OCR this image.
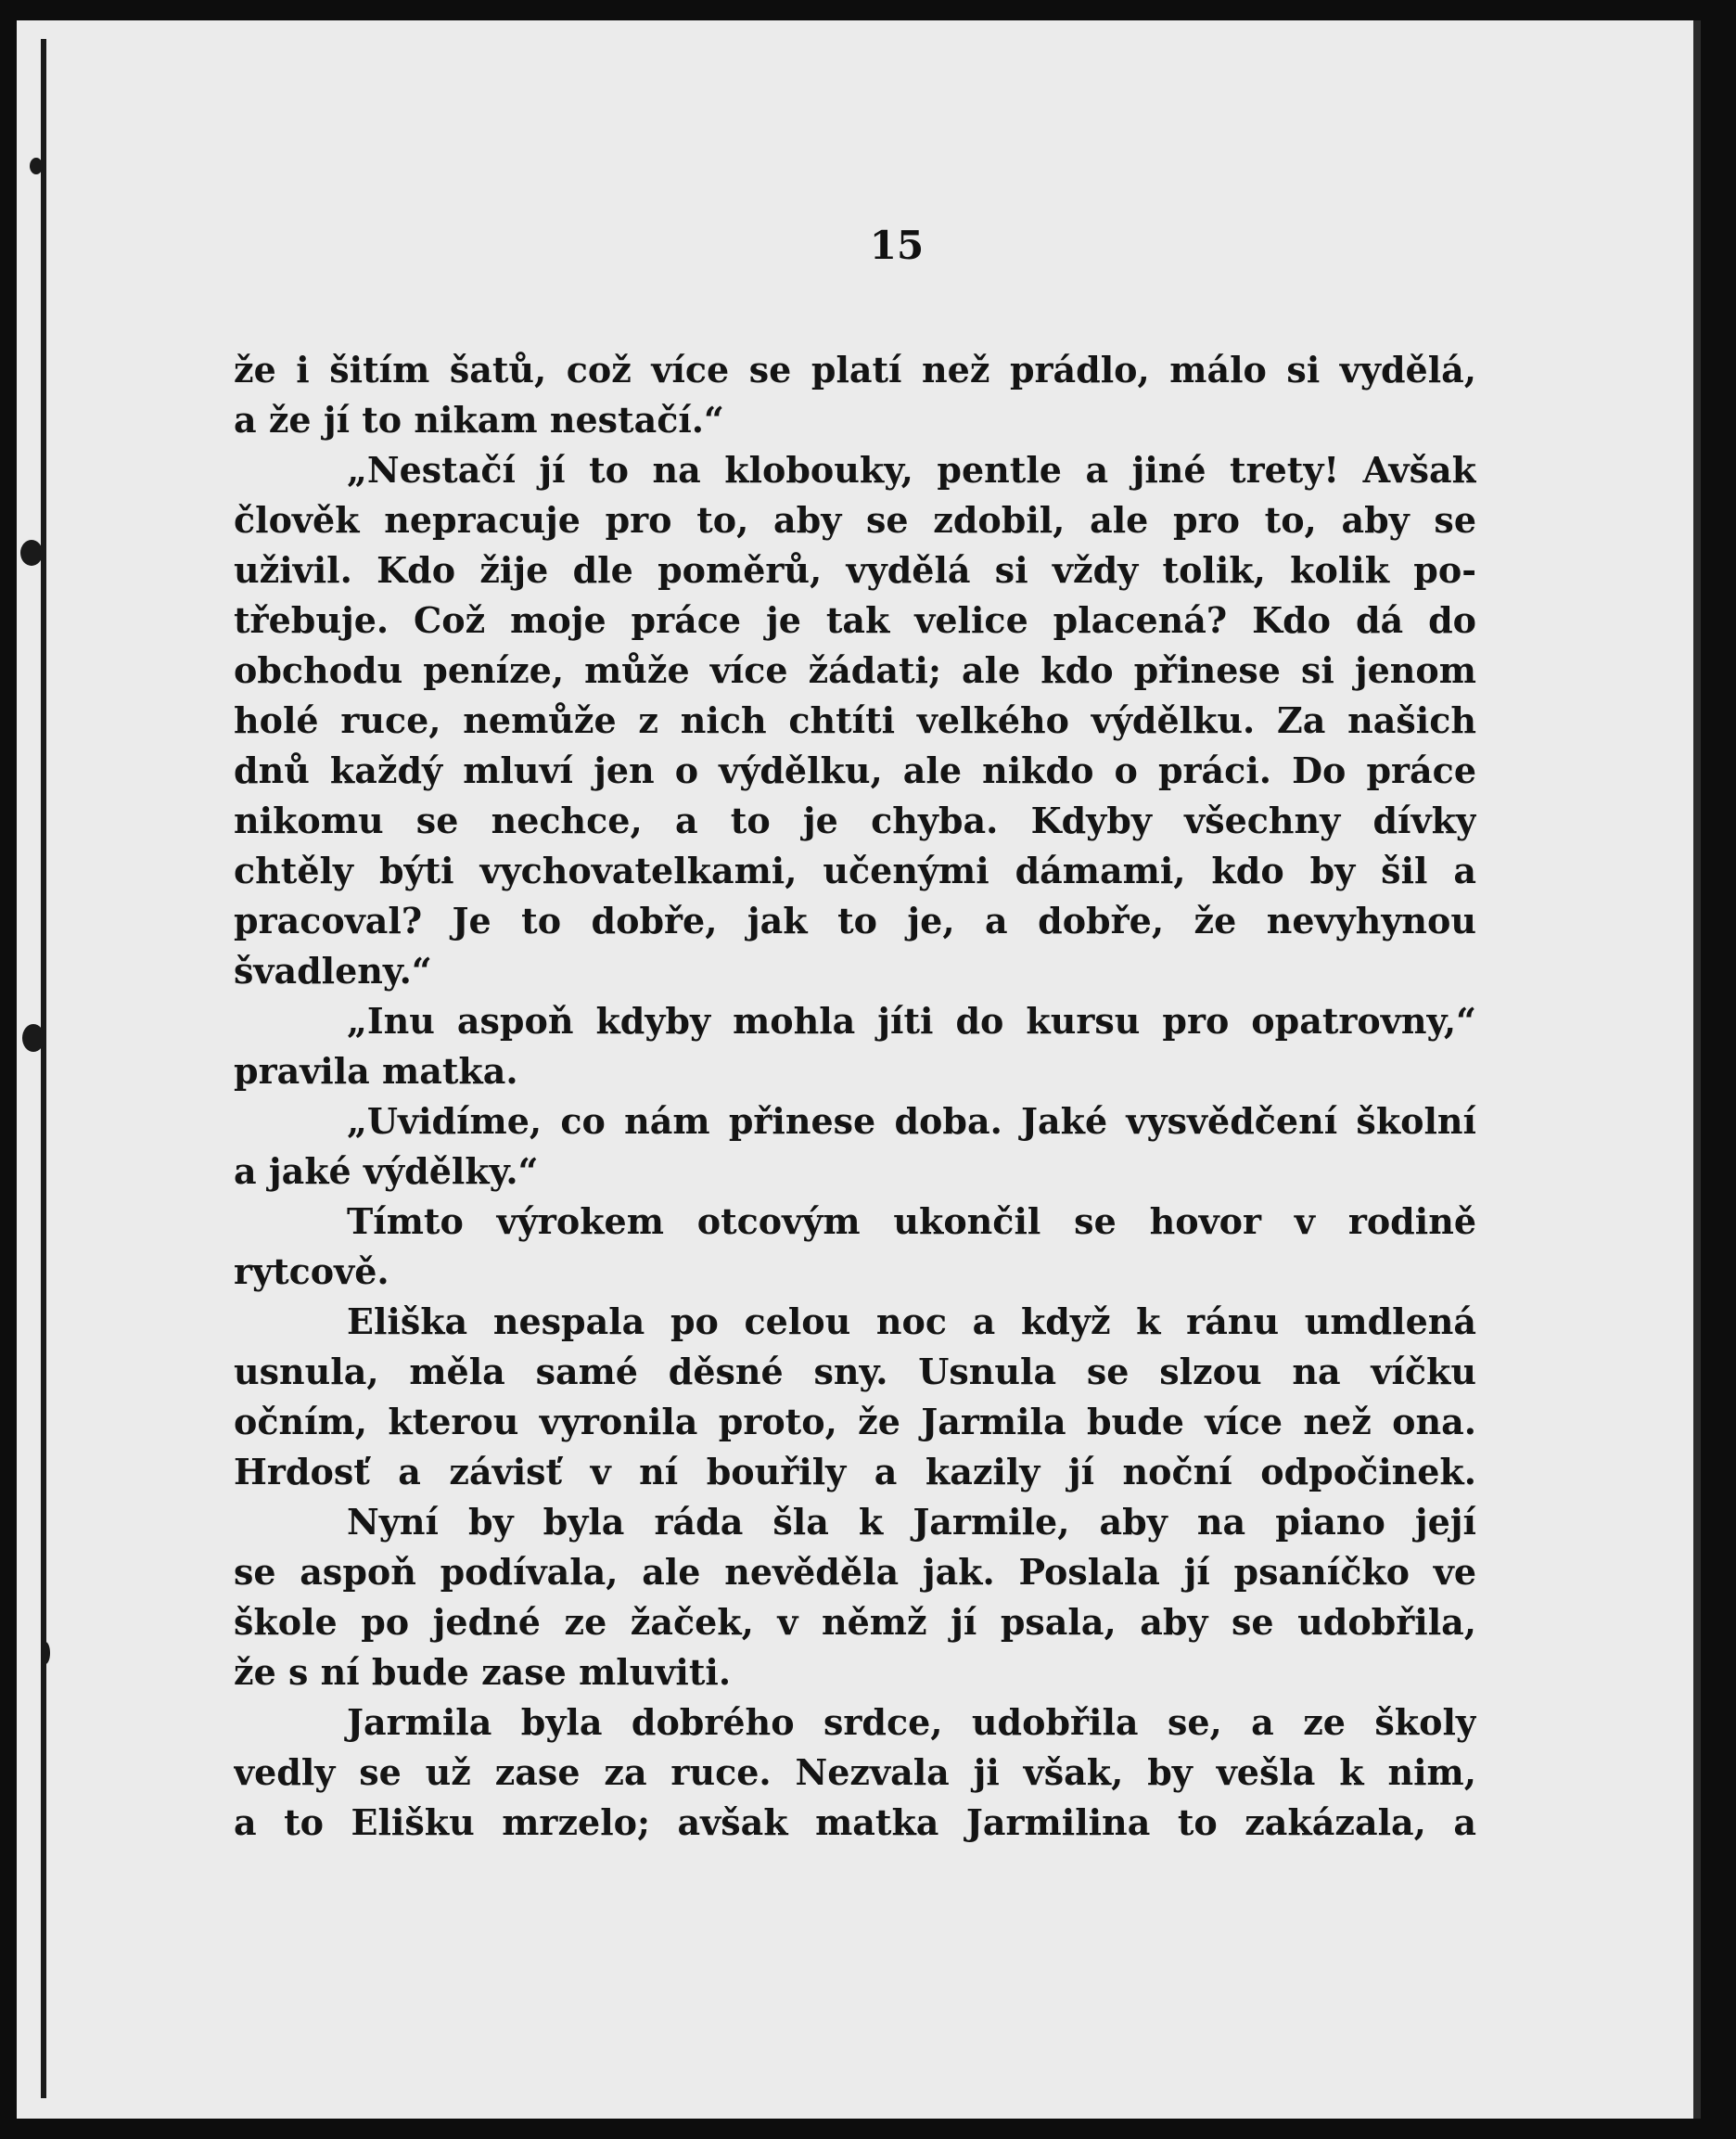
15
že i šitím šatů, což více se platí než prádlo, málo si vydělá,
a že jí to nikam nestačí.“
„Nestačí jí to na klobouky, pentle a jiné trety! Avšak
člověk nepracuje pro to, aby se zdobil, ale pro to, aby se
uživil. Kdo žije dle poměrů, vydělá si vždy tolik, kolik po-
třebuje. Což moje práce je tak velice placená? Kdo dá do
obchodu peníze, může více žádati; ale kdo přinese si jenom
holé ruce, nemůže z nich chtíti velkého výdělku. Za našich
dnů každý mluví jen o výdělku, ale nikdo o práci. Do práce
nikomu se nechce, a to je chyba. Kdyby všechny dívky
chtěly býti vychovatelkami, učenými dámami, kdo by šil a
pracoval? Je to dobře, jak to je, a dobře, že nevyhynou
švadleny.“
„Inu aspoň kdyby mohla jíti do kursu pro opatrovny,“
pravila matka.
„Uvidíme, co nám přinese doba. Jaké vysvědčení školní
a jaké výdělky.“
Tímto výrokem otcovým ukončil se hovor v rodině
rytcově.
Eliška nespala po celou noc a když k ránu umdlená
usnula, měla samé děsné sny. Usnula se slzou na víčku
očním, kterou vyronila proto, že Jarmila bude více než ona.
Hrdosť a závisť v ní bouřily a kazily jí noční odpočinek.
Nyní by byla ráda šla k Jarmile, aby na piano její
se aspoň podívala, ale nevěděla jak. Poslala jí psaníčko ve
škole po jedné ze žaček, v němž jí psala, aby se udobřila,
že s ní bude zase mluviti.
Jarmila byla dobrého srdce, udobřila se, a ze školy
vedly se už zase za ruce. Nezvala ji však, by vešla k nim,
a to Elišku mrzelo; avšak matka Jarmilina to zakázala, a
